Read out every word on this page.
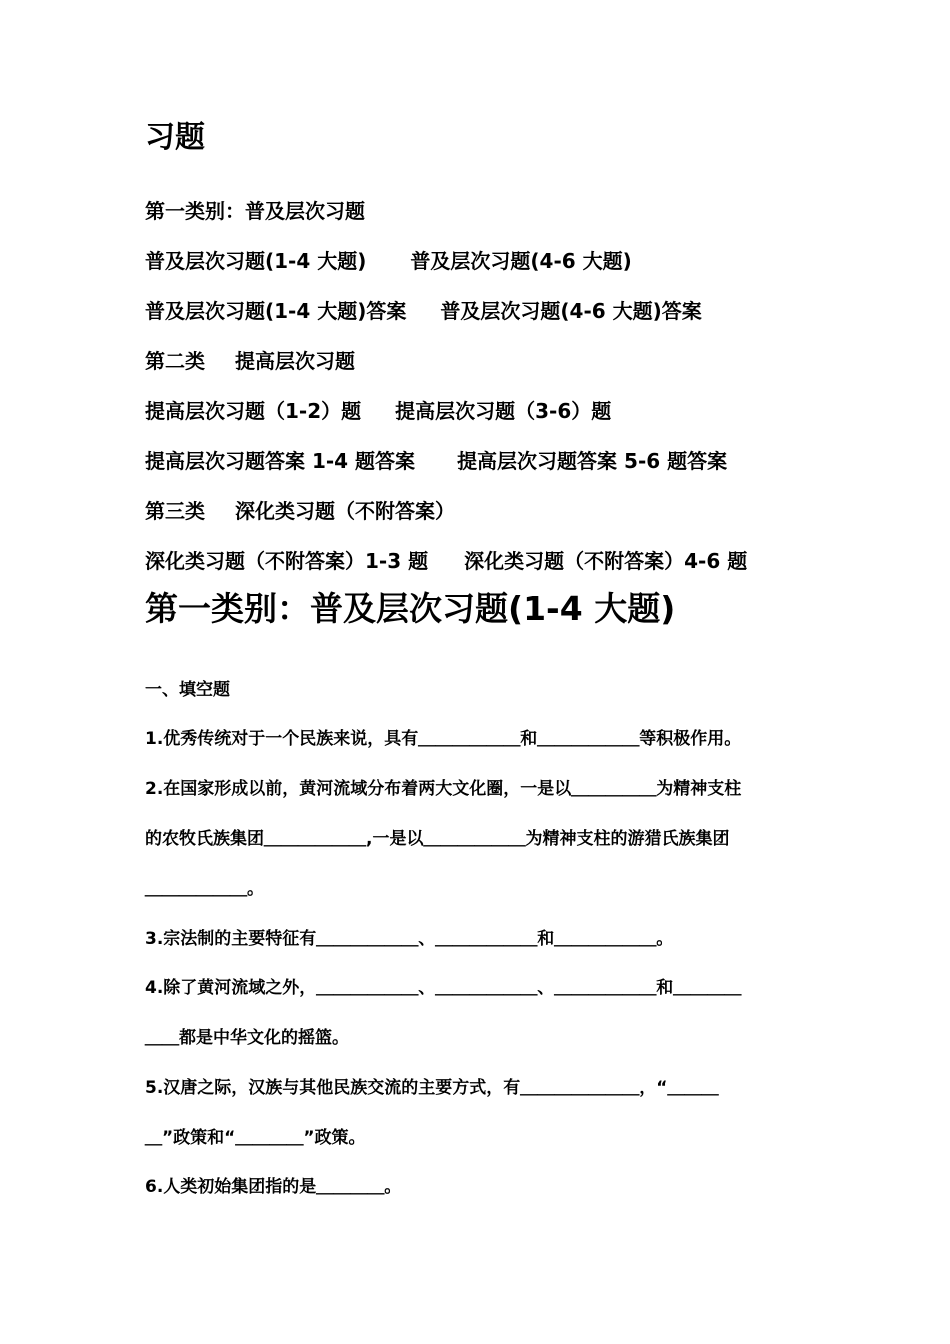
习题
第一类别：普及层次习题
普及层次习题(1-4 大题) 普及层次习题(4-6 大题)
普及层次习题(1-4 大题)答案 普及层次习题(4-6 大题)答案
第二类 提高层次习题
提高层次习题（1-2）题 提高层次习题（3-6）题
提高层次习题答案 1-4 题答案 提高层次习题答案 5-6 题答案
第三类 深化类习题（不附答案）
深化类习题（不附答案）1-3 题 深化类习题（不附答案）4-6 题
第一类别：普及层次习题(1-4 大题)
一、填空题
1.优秀传统对于一个民族来说，具有＿＿＿＿＿＿和＿＿＿＿＿＿等积极作用。
2.在国家形成以前，黄河流域分布着两大文化圈，一是以＿＿＿＿＿为精神支柱
的农牧氏族集团＿＿＿＿＿＿,一是以＿＿＿＿＿＿为精神支柱的游猎氏族集团
＿＿＿＿＿＿。
3.宗法制的主要特征有＿＿＿＿＿＿、＿＿＿＿＿＿和＿＿＿＿＿＿。
4.除了黄河流域之外，＿＿＿＿＿＿、＿＿＿＿＿＿、＿＿＿＿＿＿和＿＿＿＿
＿＿都是中华文化的摇篮。
5.汉唐之际，汉族与其他民族交流的主要方式，有＿＿＿＿＿＿＿，“＿＿＿
＿”政策和“＿＿＿＿”政策。
6.人类初始集团指的是＿＿＿＿。
